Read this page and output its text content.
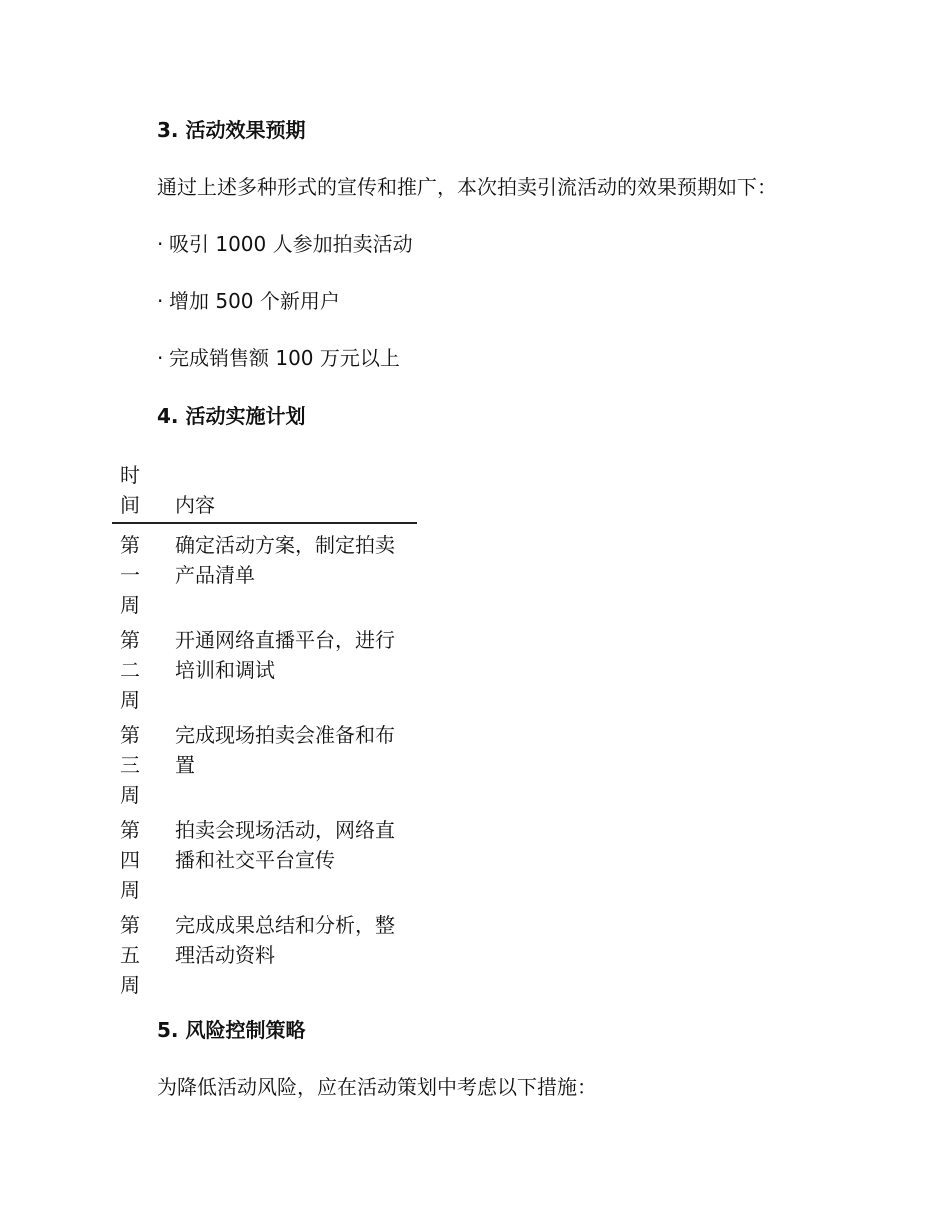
3. 活动效果预期

通过上述多种形式的宣传和推广，本次拍卖引流活动的效果预期如下：

· 吸引 1000 人参加拍卖活动
· 增加 500 个新用户
· 完成销售额 100 万元以上
4. 活动实施计划
时间 内容
第一周
确定活动方案，制定拍卖产品清单
第二周
开通网络直播平台，进行培训和调试
第三周
完成现场拍卖会准备和布置
第四周
拍卖会现场活动，网络直播和社交平台宣传
第五周
完成成果总结和分析，整理活动资料
5. 风险控制策略

为降低活动风险，应在活动策划中考虑以下措施：
